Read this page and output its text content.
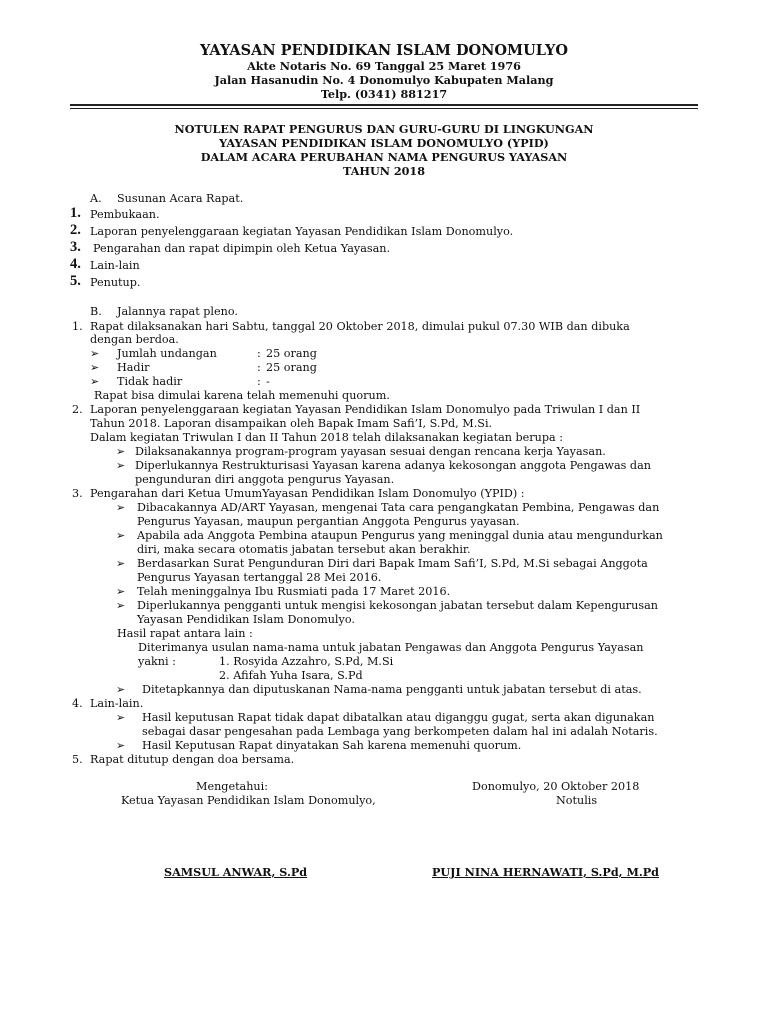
YAYASAN PENDIDIKAN ISLAM DONOMULYO
Akte Notaris No. 69 Tanggal 25 Maret 1976
Jalan Hasanudin No. 4 Donomulyo Kabupaten Malang
Telp. (0341) 881217
NOTULEN RAPAT PENGURUS DAN GURU-GURU DI LINGKUNGAN
YAYASAN PENDIDIKAN ISLAM DONOMULYO (YPID)
DALAM ACARA PERUBAHAN NAMA PENGURUS YAYASAN
TAHUN 2018
A. Susunan Acara Rapat.
1. Pembukaan.
2. Laporan penyelenggaraan kegiatan Yayasan Pendidikan Islam Donomulyo.
3. Pengarahan dan rapat dipimpin oleh Ketua Yayasan.
4. Lain-lain
5. Penutup.
B. Jalannya rapat pleno.
1. Rapat dilaksanakan hari Sabtu, tanggal 20 Oktober 2018, dimulai pukul 07.30 WIB dan dibuka
dengan berdoa.
➢ Jumlah undangan	: 25 orang
➢ Hadir	: 25 orang
➢ Tidak hadir	: -
Rapat bisa dimulai karena telah memenuhi quorum.
2. Laporan penyelenggaraan kegiatan Yayasan Pendidikan Islam Donomulyo pada Triwulan I dan II
Tahun 2018. Laporan disampaikan oleh Bapak Imam Safi’I, S.Pd, M.Si.
Dalam kegiatan Triwulan I dan II Tahun 2018 telah dilaksanakan kegiatan berupa :
➢ Dilaksanakannya program-program yayasan sesuai dengan rencana kerja Yayasan.
➢ Diperlukannya Restrukturisasi Yayasan karena adanya kekosongan anggota Pengawas dan
pengunduran diri anggota pengurus Yayasan.
3. Pengarahan dari Ketua UmumYayasan Pendidikan Islam Donomulyo (YPID) :
➢ Dibacakannya AD/ART Yayasan, mengenai Tata cara pengangkatan Pembina, Pengawas dan
Pengurus Yayasan, maupun pergantian Anggota Pengurus yayasan.
➢ Apabila ada Anggota Pembina ataupun Pengurus yang meninggal dunia atau mengundurkan
diri, maka secara otomatis jabatan tersebut akan berakhir.
➢ Berdasarkan Surat Pengunduran Diri dari Bapak Imam Safi’I, S.Pd, M.Si sebagai Anggota
Pengurus Yayasan tertanggal 28 Mei 2016.
➢ Telah meninggalnya Ibu Rusmiati pada 17 Maret 2016.
➢ Diperlukannya pengganti untuk mengisi kekosongan jabatan tersebut dalam Kepengurusan
Yayasan Pendidikan Islam Donomulyo.
Hasil rapat antara lain :
Diterimanya usulan nama-nama untuk jabatan Pengawas dan Anggota Pengurus Yayasan
yakni :	1. Rosyida Azzahro, S.Pd, M.Si
2. Afifah Yuha Isara, S.Pd
➢ Ditetapkannya dan diputuskanan Nama-nama pengganti untuk jabatan tersebut di atas.
4. Lain-lain.
➢ Hasil keputusan Rapat tidak dapat dibatalkan atau diganggu gugat, serta akan digunakan
sebagai dasar pengesahan pada Lembaga yang berkompeten dalam hal ini adalah Notaris.
➢ Hasil Keputusan Rapat dinyatakan Sah karena memenuhi quorum.
5. Rapat ditutup dengan doa bersama.
Mengetahui:
Ketua Yayasan Pendidikan Islam Donomulyo,
Donomulyo, 20 Oktober 2018
Notulis
SAMSUL ANWAR, S.Pd	PUJI NINA HERNAWATI, S.Pd, M.Pd
